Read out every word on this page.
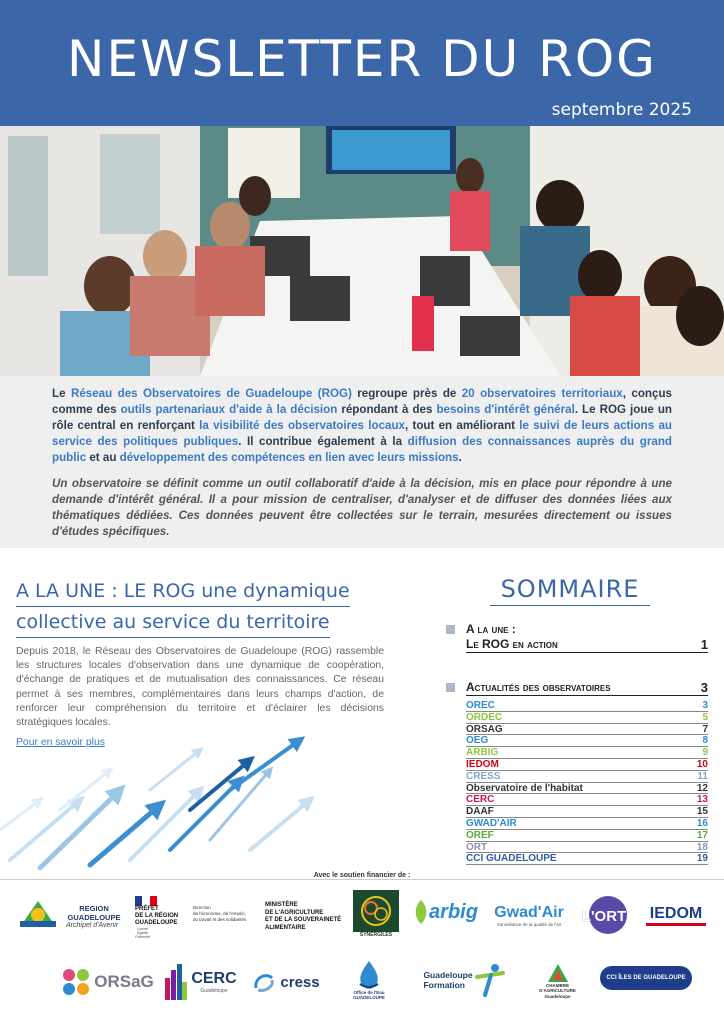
NEWSLETTER DU ROG
septembre 2025

Le Réseau des Observatoires de Guadeloupe (ROG) regroupe près de 20 observatoires territoriaux, conçus comme des outils partenariaux d'aide à la décision répondant à des besoins d'intérêt général. Le ROG joue un rôle central en renforçant la visibilité des observatoires locaux, tout en améliorant le suivi de leurs actions au service des politiques publiques. Il contribue également à la diffusion des connaissances auprès du grand public et au développement des compétences en lien avec leurs missions.

Un observatoire se définit comme un outil collaboratif d'aide à la décision, mis en place pour répondre à une demande d'intérêt général. Il a pour mission de centraliser, d'analyser et de diffuser des données liées aux thématiques dédiées. Ces données peuvent être collectées sur le terrain, mesurées directement ou issues d'études spécifiques.

A LA UNE : LE ROG une dynamique
collective au service du territoire
Depuis 2018, le Réseau des Observatoires de Guadeloupe (ROG) rassemble les structures locales d'observation dans une dynamique de coopération, d'échange de pratiques et de mutualisation des connaissances. Ce réseau permet à ses membres, complémentaires dans leurs champs d'action, de renforcer leur compréhension du territoire et d'éclairer les décisions stratégiques locales.
Pour en savoir plus
SOMMAIRE
A la une :
Le ROG en action	1
Actualités des observatoires	3
OREC	3
ORDEC	5
ORSAG	7
OEG	8
ARBIG	9
IEDOM	10
CRESS	11
Observatoire de l'habitat	12
CERC	13
DAAF	15
GWAD'AIR	16
OREF	17
ORT	18
CCI GUADELOUPE	19
Avec le soutien financier de :
REGION GUADELOUPE
Archipel d'Avenir
PRÉFET
DE LA RÉGION
GUADELOUPE
Liberté
Égalité
Fraternité
Direction
de l'économie, de l'emploi,
du travail et des solidarités
MINISTÈRE
DE L'AGRICULTURE
ET DE LA SOUVERAINETÉ
ALIMENTAIRE
SYNERGÎLES
arbig Gwad'Air
Surveillance de la qualité de l'air L'ORT IEDOM
ORSaG CERC
Guadeloupe
cress
Office de l'Eau
GUADELOUPE
Guadeloupe
Formation	CHAMBRE
D'AGRICULTURE
Guadeloupe
CCI ÎLES DE GUADELOUPE
